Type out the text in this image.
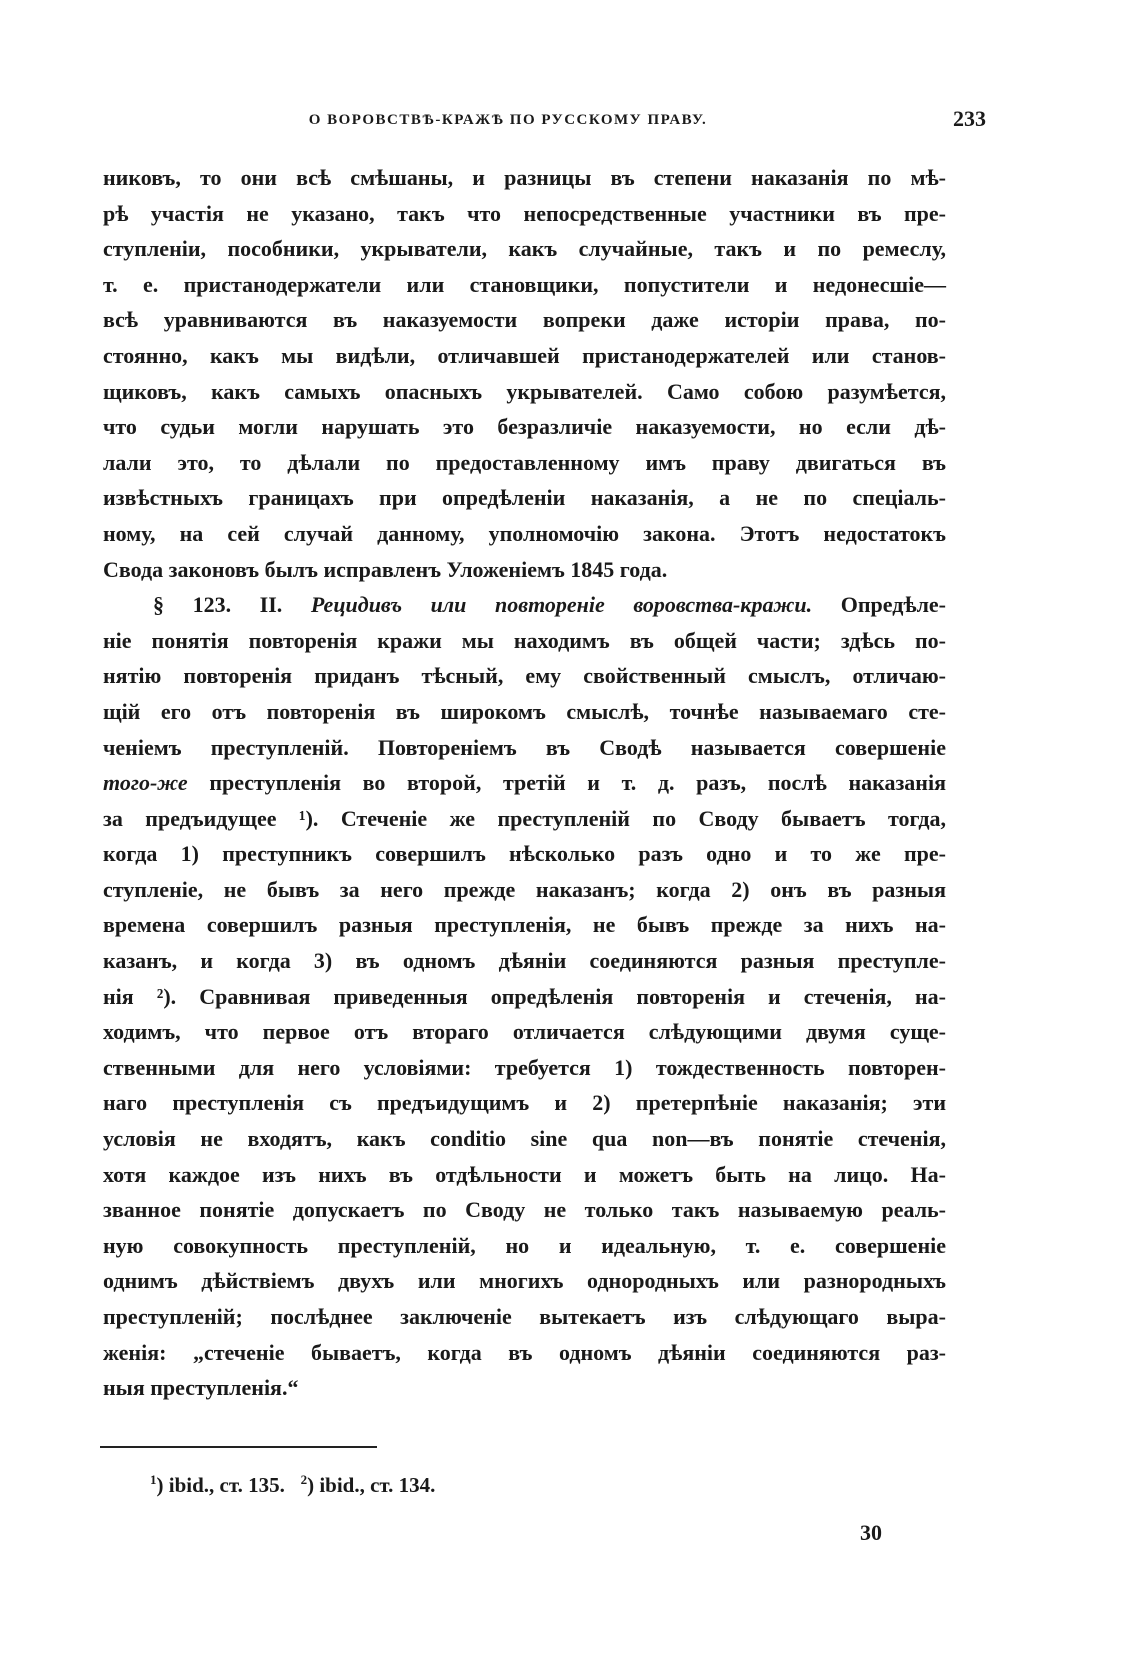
О ВОРОВСТВѢ-КРАЖѢ ПО РУССКОМУ ПРАВУ.	233
никовъ, то они всѣ смѣшаны, и разницы въ степени наказанія по мѣ-
рѣ участія не указано, такъ что непосредственные участники въ пре-
ступленіи, пособники, укрыватели, какъ случайные, такъ и по ремеслу,
т. е. пристанодержатели или становщики, попустители и недонесшіе—
всѣ уравниваются въ наказуемости вопреки даже исторіи права, по-
стоянно, какъ мы видѣли, отличавшей пристанодержателей или станов-
щиковъ, какъ самыхъ опасныхъ укрывателей. Само собою разумѣется,
что судьи могли нарушать это безразличіе наказуемости, но если дѣ-
лали это, то дѣлали по предоставленному имъ праву двигаться въ
извѣстныхъ границахъ при опредѣленіи наказанія, а не по спеціаль-
ному, на сей случай данному, уполномочію закона. Этотъ недостатокъ
Свода законовъ былъ исправленъ Уложеніемъ 1845 года.
§ 123. II. Рецидивъ или повтореніе воровства-кражи. Опредѣле-
ніе понятія повторенія кражи мы находимъ въ общей части; здѣсь по-
нятію повторенія приданъ тѣсный, ему свойственный смыслъ, отличаю-
щій его отъ повторенія въ широкомъ смыслѣ, точнѣе называемаго сте-
ченіемъ преступленій. Повтореніемъ въ Сводѣ называется совершеніе
того-же преступленія во второй, третій и т. д. разъ, послѣ наказанія
за предъидущее ¹). Стеченіе же преступленій по Своду бываетъ тогда,
когда 1) преступникъ совершилъ нѣсколько разъ одно и то же пре-
ступленіе, не бывъ за него прежде наказанъ; когда 2) онъ въ разныя
времена совершилъ разныя преступленія, не бывъ прежде за нихъ на-
казанъ, и когда 3) въ одномъ дѣяніи соединяются разныя преступле-
нія ²). Сравнивая приведенныя опредѣленія повторенія и стеченія, на-
ходимъ, что первое отъ втораго отличается слѣдующими двумя суще-
ственными для него условіями: требуется 1) тождественность повторен-
наго преступленія съ предъидущимъ и 2) претерпѣніе наказанія; эти
условія не входятъ, какъ conditio sine qua non—въ понятіе стеченія,
хотя каждое изъ нихъ въ отдѣльности и можетъ быть на лицо. На-
званное понятіе допускаетъ по Своду не только такъ называемую реаль-
ную совокупность преступленій, но и идеальную, т. е. совершеніе
однимъ дѣйствіемъ двухъ или многихъ однородныхъ или разнородныхъ
преступленій; послѣднее заключеніе вытекаетъ изъ слѣдующаго выра-
женія: „стеченіе бываетъ, когда въ одномъ дѣяніи соединяются раз-
ныя преступленія.“
$^1$) ibid., ст. 135. $^2$) ibid., ст. 134.
30
